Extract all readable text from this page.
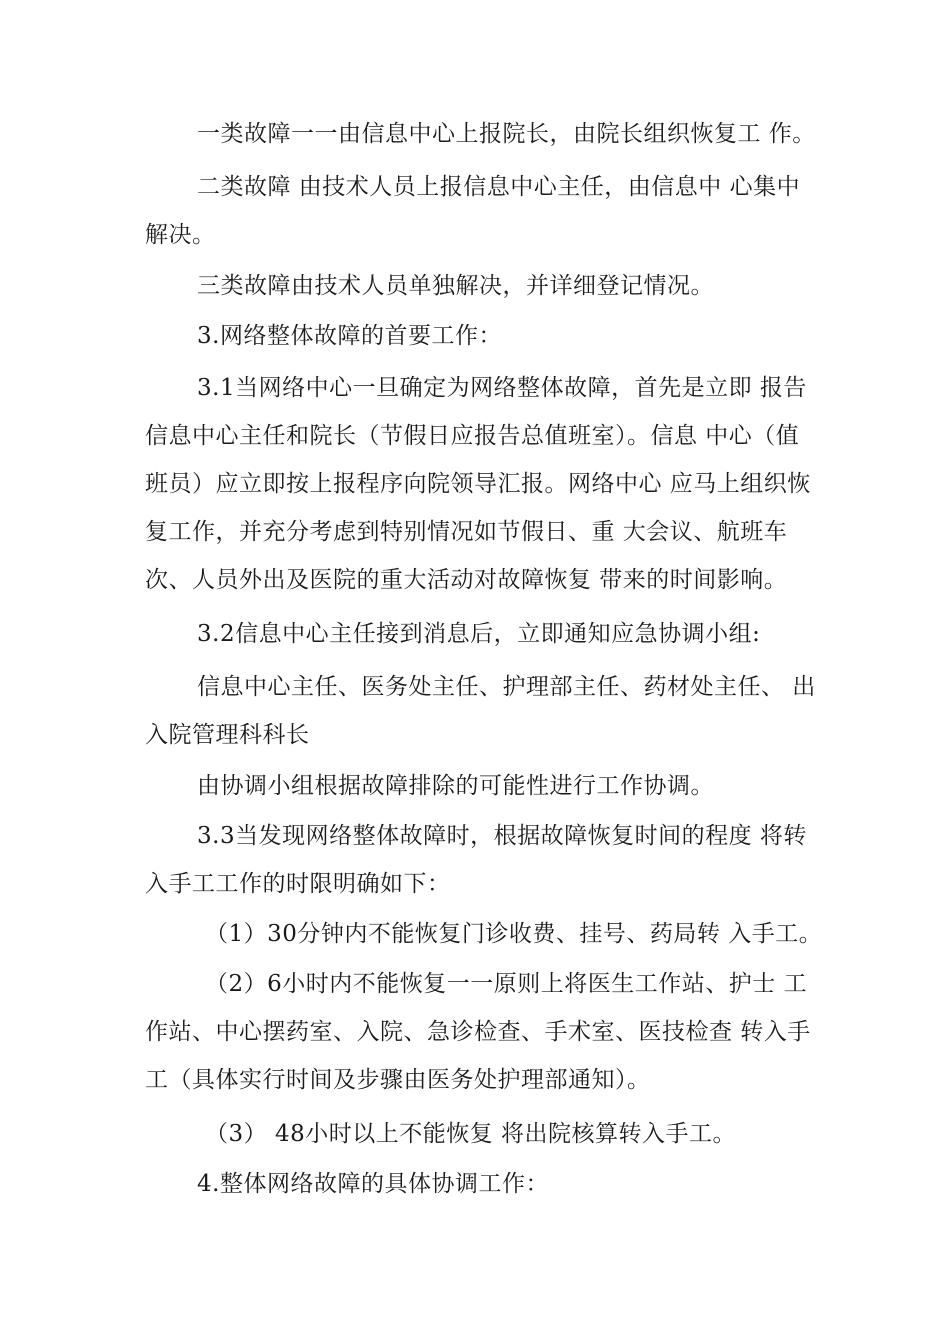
一类故障一一由信息中心上报院长，由院长组织恢复工 作。
二类故障 由技术人员上报信息中心主任，由信息中 心集中
解决。
三类故障由技术人员单独解决，并详细登记情况。
3.网络整体故障的首要工作：
3.1当网络中心一旦确定为网络整体故障，首先是立即 报告
信息中心主任和院长（节假日应报告总值班室）。信息 中心（值
班员）应立即按上报程序向院领导汇报。网络中心 应马上组织恢
复工作，并充分考虑到特别情况如节假日、重 大会议、航班车
次、人员外出及医院的重大活动对故障恢复 带来的时间影响。
3.2信息中心主任接到消息后，立即通知应急协调小组:
信息中心主任、医务处主任、护理部主任、药材处主任、 出
入院管理科科长
由协调小组根据故障排除的可能性进行工作协调。
3.3当发现网络整体故障时，根据故障恢复时间的程度 将转
入手工工作的时限明确如下：
（1）30分钟内不能恢复门诊收费、挂号、药局转 入手工。
（2）6小时内不能恢复一一原则上将医生工作站、护士 工
作站、中心摆药室、入院、急诊检查、手术室、医技检查 转入手
工（具体实行时间及步骤由医务处护理部通知）。
（3） 48小时以上不能恢复 将出院核算转入手工。
4.整体网络故障的具体协调工作：
